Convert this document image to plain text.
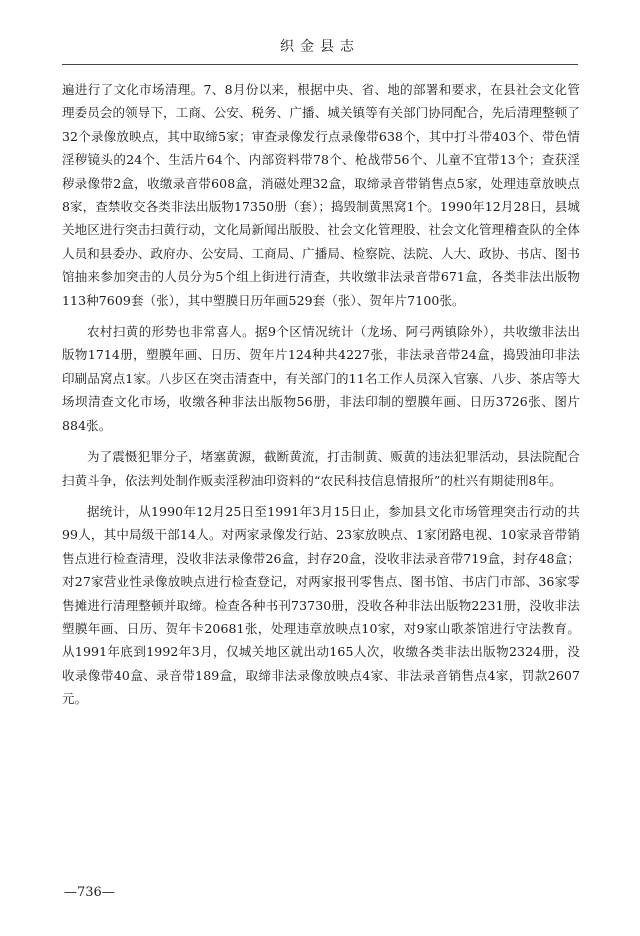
织金县志

遍进行了文化市场清理。7、8月份以来，根据中央、省、地的部署和要求，在县社会文化管理委员会的领导下，工商、公安、税务、广播、城关镇等有关部门协同配合，先后清理整顿了32个录像放映点，其中取缔5家；审查录像发行点录像带638个，其中打斗带403个、带色情淫秽镜头的24个、生活片64个、内部资料带78个、枪战带56个、儿童不宜带13个；查获淫秽录像带2盒，收缴录音带608盒，消磁处理32盒，取缔录音带销售点5家，处理违章放映点8家，查禁收交各类非法出版物17350册（套）；捣毁制黄黑窝1个。1990年12月28日，县城关地区进行突击扫黄行动，文化局新闻出版股、社会文化管理股、社会文化管理稽查队的全体人员和县委办、政府办、公安局、工商局、广播局、检察院、法院、人大、政协、书店、图书馆抽来参加突击的人员分为5个组上街进行清查，共收缴非法录音带671盒，各类非法出版物113种7609套（张），其中塑膜日历年画529套（张）、贺年片7100张。

农村扫黄的形势也非常喜人。据9个区情况统计（龙场、阿弓两镇除外），共收缴非法出版物1714册，塑膜年画、日历、贺年片124种共4227张，非法录音带24盒，捣毁油印非法印刷品窝点1家。八步区在突击清查中，有关部门的11名工作人员深入官寨、八步、茶店等大场坝清查文化市场，收缴各种非法出版物56册，非法印制的塑膜年画、日历3726张、图片884张。

为了震慑犯罪分子，堵塞黄源，截断黄流，打击制黄、贩黄的违法犯罪活动，县法院配合扫黄斗争，依法判处制作贩卖淫秽油印资料的“农民科技信息情报所”的杜兴有期徒刑8年。

据统计，从1990年12月25日至1991年3月15日止，参加县文化市场管理突击行动的共99人，其中局级干部14人。对两家录像发行站、23家放映点、1家闭路电视、10家录音带销售点进行检查清理，没收非法录像带26盒，封存20盒，没收非法录音带719盒，封存48盒；对27家营业性录像放映点进行检查登记，对两家报刊零售点、图书馆、书店门市部、36家零售摊进行清理整顿并取缔。检查各种书刊73730册，没收各种非法出版物2231册，没收非法塑膜年画、日历、贺年卡20681张，处理违章放映点10家，对9家山歌茶馆进行守法教育。从1991年底到1992年3月，仅城关地区就出动165人次，收缴各类非法出版物2324册，没收录像带40盒、录音带189盒，取缔非法录像放映点4家、非法录音销售点4家，罚款2607元。

—736—
